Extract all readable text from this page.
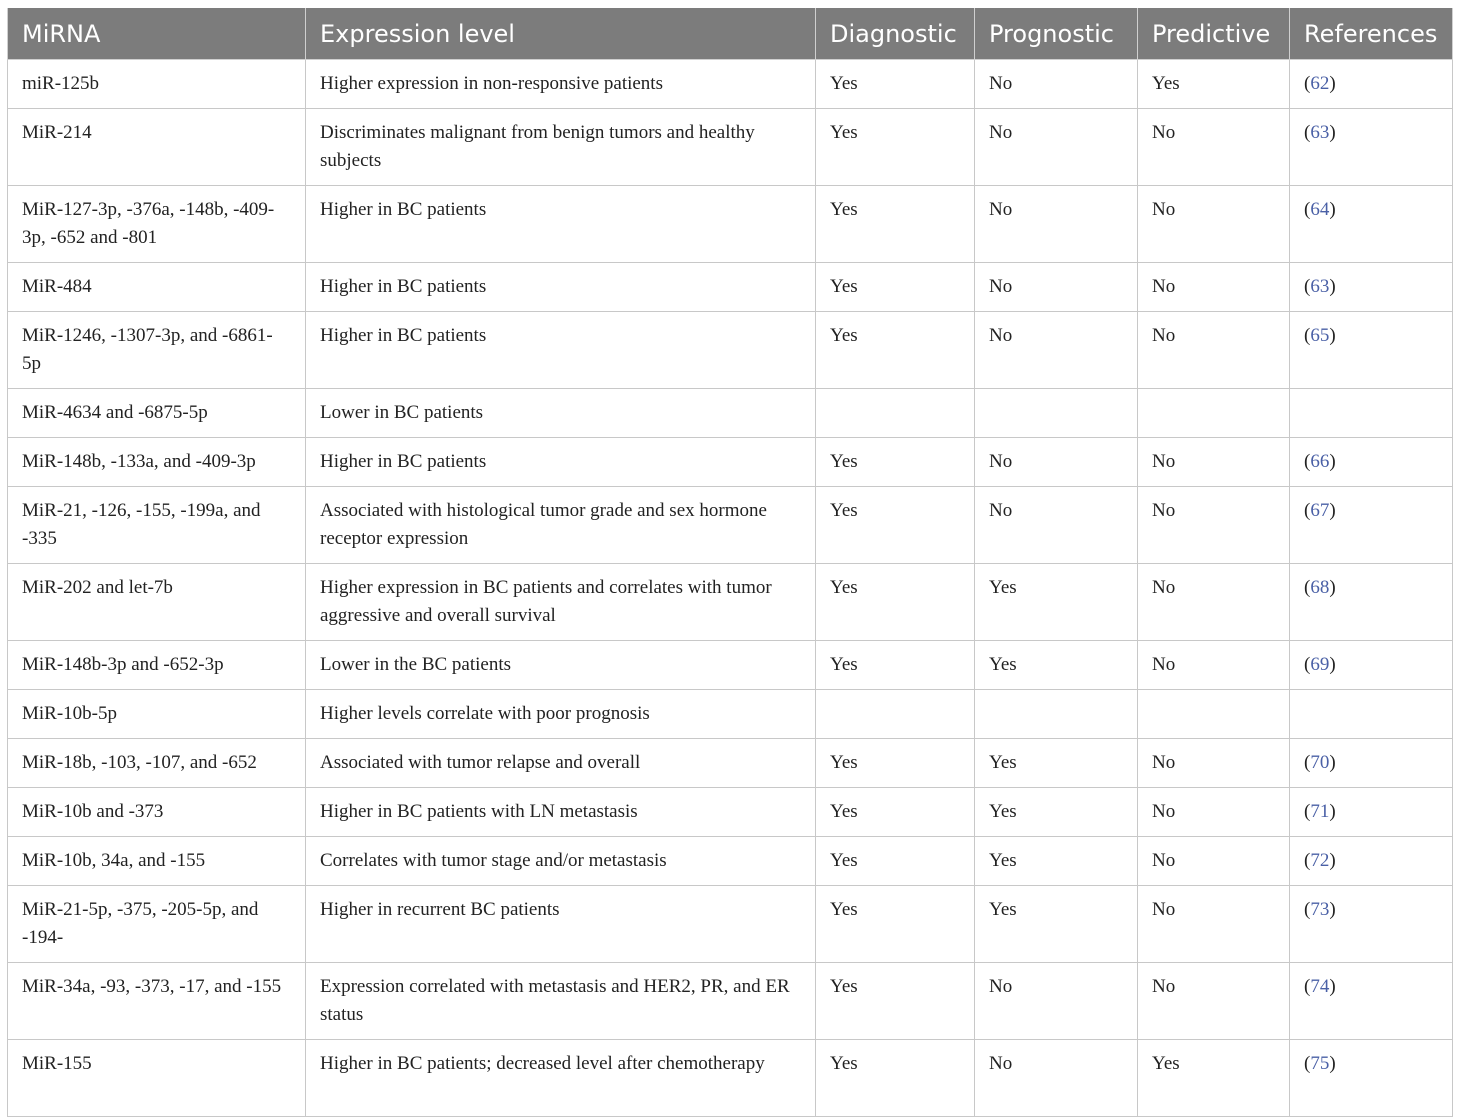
MiRNA	Expression level	Diagnostic	Prognostic	Predictive	References
miR-125b	Higher expression in non-responsive patients	Yes	No	Yes	(62)
MiR-214	Discriminates malignant from benign tumors and healthy subjects	Yes	No	No	(63)
MiR-127-3p, -376a, -148b, -409-3p, -652 and -801	Higher in BC patients	Yes	No	No	(64)
MiR-484	Higher in BC patients	Yes	No	No	(63)
MiR-1246, -1307-3p, and -6861-5p	Higher in BC patients	Yes	No	No	(65)
MiR-4634 and -6875-5p	Lower in BC patients				
MiR-148b, -133a, and -409-3p	Higher in BC patients	Yes	No	No	(66)
MiR-21, -126, -155, -199a, and -335	Associated with histological tumor grade and sex hormone receptor expression	Yes	No	No	(67)
MiR-202 and let-7b	Higher expression in BC patients and correlates with tumor aggressive and overall survival	Yes	Yes	No	(68)
MiR-148b-3p and -652-3p	Lower in the BC patients	Yes	Yes	No	(69)
MiR-10b-5p	Higher levels correlate with poor prognosis				
MiR-18b, -103, -107, and -652	Associated with tumor relapse and overall	Yes	Yes	No	(70)
MiR-10b and -373	Higher in BC patients with LN metastasis	Yes	Yes	No	(71)
MiR-10b, 34a, and -155	Correlates with tumor stage and/or metastasis	Yes	Yes	No	(72)
MiR-21-5p, -375, -205-5p, and -194-	Higher in recurrent BC patients	Yes	Yes	No	(73)
MiR-34a, -93, -373, -17, and -155	Expression correlated with metastasis and HER2, PR, and ER status	Yes	No	No	(74)
MiR-155	Higher in BC patients; decreased level after chemotherapy	Yes	No	Yes	(75)
